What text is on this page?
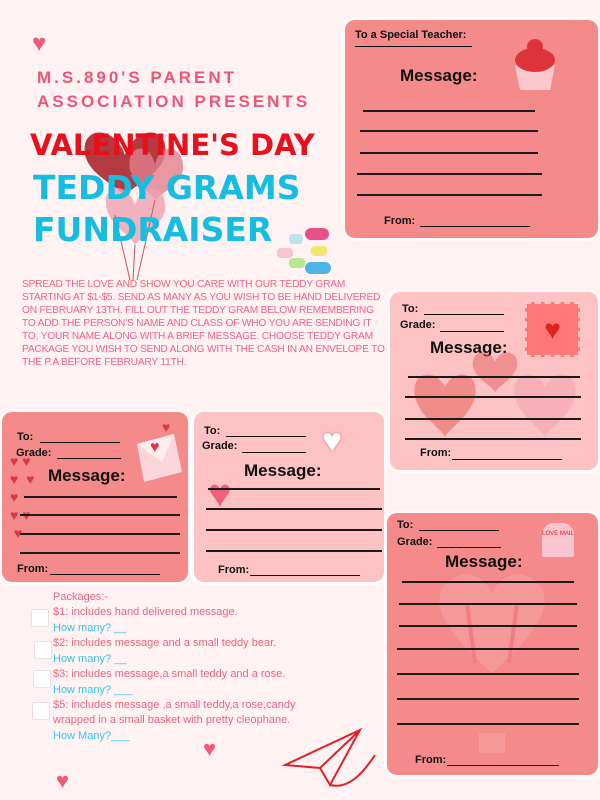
♥
♥
♥
M.S.890'S PARENT
ASSOCIATION PRESENTS
VALENTINE'S DAY
TEDDY GRAMS
FUNDRAISER
SPREAD THE LOVE AND SHOW YOU CARE WITH OUR TEDDY GRAM STARTING AT $1-$5. SEND AS MANY AS YOU WISH TO BE HAND DELIVERED ON FEBRUARY 13TH. FILL OUT THE TEDDY GRAM BELOW REMEMBERING TO ADD THE PERSON'S NAME AND CLASS OF WHO YOU ARE SENDING IT TO, YOUR NAME ALONG WITH A BRIEF MESSAGE. CHOOSE TEDDY GRAM PACKAGE YOU WISH TO SEND ALONG WITH THE CASH IN AN ENVELOPE TO THE P.A BEFORE FEBRUARY 11TH.
To a Special Teacher:
Message:
From:
To:
Grade:
Message:
♥
From:
To:
Grade:
Message:
♥
♥
♥ ♥
♥  ♥
♥
♥ ♥
♥
From:
To:
Grade:
Message:
♥
♥
From:
To:
Grade:
Message:
LOVE MAIL
From:
Packages:-
$1: includes hand delivered message.
How many? __
$2: includes message and a small teddy bear.
How many? __
$3: includes message,a small teddy and a rose.
How many? ___
$5: includes message ,a small teddy,a rose,candy
wrapped in a small basket with pretty cleophane.
How Many?___
